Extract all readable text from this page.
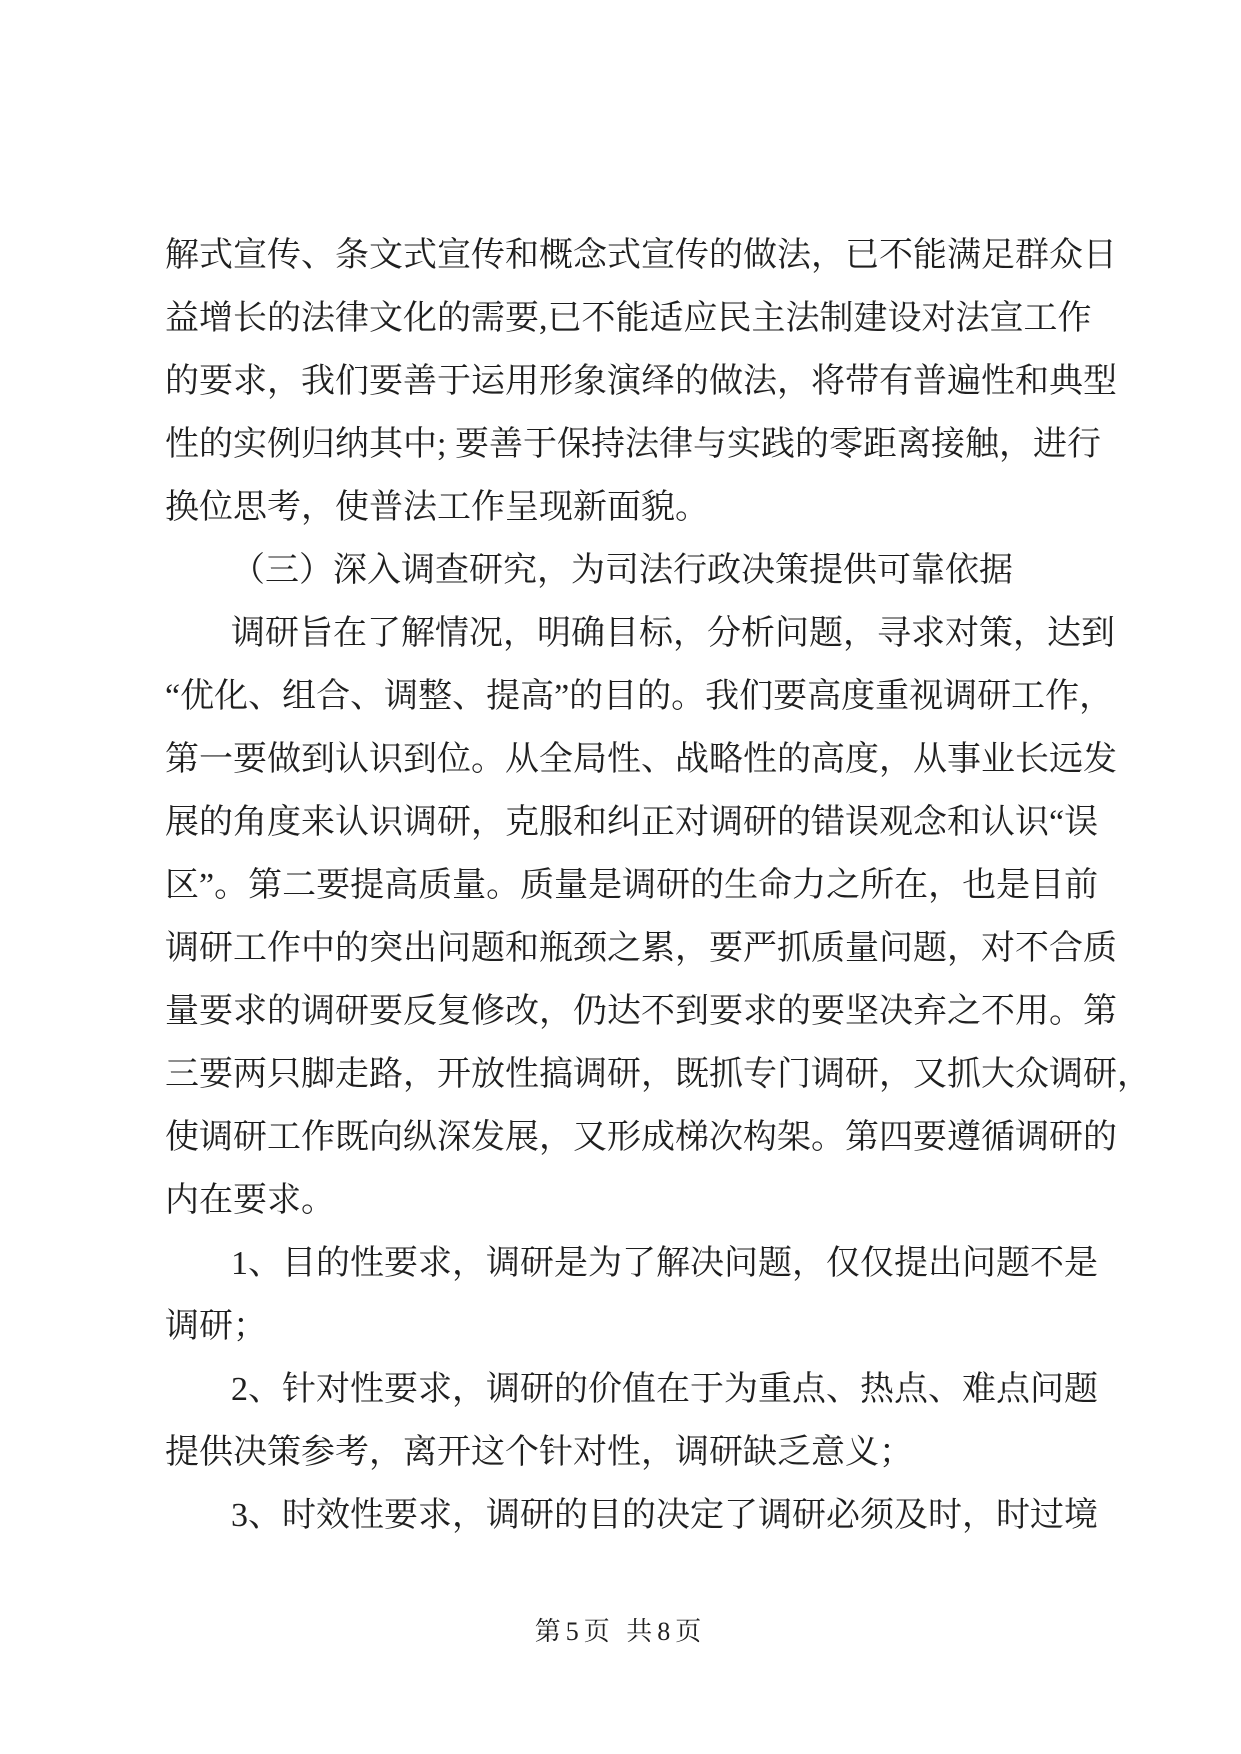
解式宣传、条文式宣传和概念式宣传的做法，已不能满足群众日
益增长的法律文化的需要,已不能适应民主法制建设对法宣工作
的要求，我们要善于运用形象演绎的做法，将带有普遍性和典型
性的实例归纳其中; 要善于保持法律与实践的零距离接触，进行
换位思考，使普法工作呈现新面貌。
（三）深入调查研究，为司法行政决策提供可靠依据
调研旨在了解情况，明确目标，分析问题，寻求对策，达到
“优化、组合、调整、提高”的目的。我们要高度重视调研工作，
第一要做到认识到位。从全局性、战略性的高度，从事业长远发
展的角度来认识调研，克服和纠正对调研的错误观念和认识“误
区”。第二要提高质量。质量是调研的生命力之所在，也是目前
调研工作中的突出问题和瓶颈之累，要严抓质量问题，对不合质
量要求的调研要反复修改，仍达不到要求的要坚决弃之不用。第
三要两只脚走路，开放性搞调研，既抓专门调研，又抓大众调研，
使调研工作既向纵深发展，又形成梯次构架。第四要遵循调研的
内在要求。
1、目的性要求，调研是为了解决问题，仅仅提出问题不是
调研；
2、针对性要求，调研的价值在于为重点、热点、难点问题
提供决策参考，离开这个针对性，调研缺乏意义；
3、时效性要求，调研的目的决定了调研必须及时，时过境
第5页 共8页
